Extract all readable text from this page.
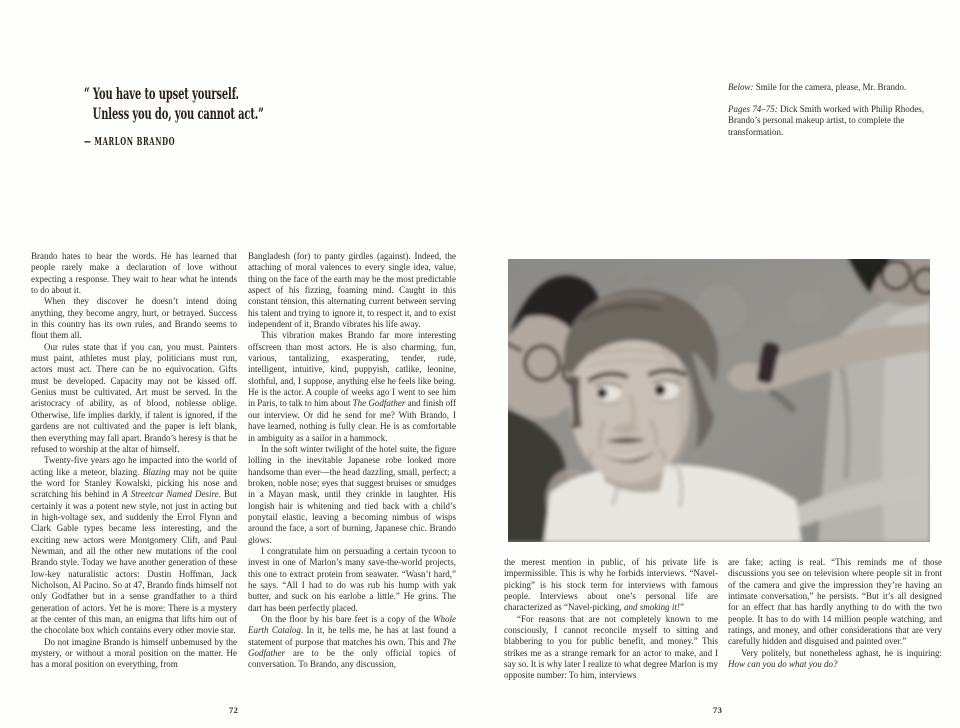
“ You have to upset yourself.
Unless you do, you cannot act.”
— MARLON BRANDO

Brando hates to hear the words. He has learned that people rarely make a declaration of love without expecting a response. They wait to hear what he intends to do about it.

When they discover he doesn’t intend doing anything, they become angry, hurt, or betrayed. Success in this country has its own rules, and Brando seems to flout them all.

Our rules state that if you can, you must. Painters must paint, athletes must play, politicians must run, actors must act. There can be no equivocation. Gifts must be developed. Capacity may not be kissed off. Genius must be cultivated. Art must be served. In the aristocracy of ability, as of blood, noblesse oblige. Otherwise, life implies darkly, if talent is ignored, if the gardens are not cultivated and the paper is left blank, then everything may fall apart. Brando’s heresy is that he refused to worship at the altar of himself.

Twenty-five years ago he impacted into the world of acting like a meteor, blazing. Blazing may not be quite the word for Stanley Kowalski, picking his nose and scratching his behind in A Streetcar Named Desire. But certainly it was a potent new style, not just in acting but in high-voltage sex, and suddenly the Errol Flynn and Clark Gable types became less interesting, and the exciting new actors were Montgomery Clift, and Paul Newman, and all the other new mutations of the cool Brando style. Today we have another generation of these low-key naturalistic actors: Dustin Hoffman, Jack Nicholson, Al Pacino. So at 47, Brando finds himself not only Godfather but in a sense grandfather to a third generation of actors. Yet he is more: There is a mystery at the center of this man, an enigma that lifts him out of the chocolate box which contains every other movie star.

Do not imagine Brando is himself unbemused by the mystery, or without a moral position on the matter. He has a moral position on everything, from

Bangladesh (for) to panty girdles (against). Indeed, the attaching of moral valences to every single idea, value, thing on the face of the earth may be the most predictable aspect of his fizzing, foaming mind. Caught in this constant tension, this alternating current between serving his talent and trying to ignore it, to respect it, and to exist independent of it, Brando vibrates his life away.

This vibration makes Brando far more interesting offscreen than most actors. He is also charming, fun, various, tantalizing, exasperating, tender, rude, intelligent, intuitive, kind, puppyish, catlike, leonine, slothful, and, I suppose, anything else he feels like being. He is the actor. A couple of weeks ago I went to see him in Paris, to talk to him about The Godfather and finish off our interview. Or did he send for me? With Brando, I have learned, nothing is fully clear. He is as comfortable in ambiguity as a sailor in a hammock.

In the soft winter twilight of the hotel suite, the figure lolling in the inevitable Japanese robe looked more handsome than ever—the head dazzling, small, perfect; a broken, noble nose; eyes that suggest bruises or smudges in a Mayan mask, until they crinkle in laughter. His longish hair is whitening and tied back with a child’s ponytail elastic, leaving a becoming nimbus of wisps around the face, a sort of burning, Japanese chic. Brando glows.

I congratulate him on persuading a certain tycoon to invest in one of Marlon’s many save-the-world projects, this one to extract protein from seawater. “Wasn’t hard,” he says. “All I had to do was rub his hump with yak butter, and suck on his earlobe a little.” He grins. The dart has been perfectly placed.

On the floor by his bare feet is a copy of the Whole Earth Catalog. In it, he tells me, he has at last found a statement of purpose that matches his own. This and The Godfather are to be the only official topics of conversation. To Brando, any discussion,

72

Below: Smile for the camera, please, Mr. Brando.

Pages 74–75: Dick Smith worked with Philip Rhodes, Brando’s personal makeup artist, to complete the transformation.

the merest mention in public, of his private life is impermissible. This is why he forbids interviews. “Navel-picking” is his stock term for interviews with famous people. Interviews about one’s personal life are characterized as “Navel-picking, and smoking it!”

“For reasons that are not completely known to me consciously, I cannot reconcile myself to sitting and blabbering to you for public benefit, and money.” This strikes me as a strange remark for an actor to make, and I say so. It is why later I realize to what degree Marlon is my opposite number: To him, interviews

are fake; acting is real. “This reminds me of those discussions you see on television where people sit in front of the camera and give the impression they’re having an intimate conversation,” he persists. “But it’s all designed for an effect that has hardly anything to do with the two people. It has to do with 14 million people watching, and ratings, and money, and other considerations that are very carefully hidden and disguised and painted over.”

Very politely, but nonetheless aghast, he is inquiring: How can you do what you do?

73
